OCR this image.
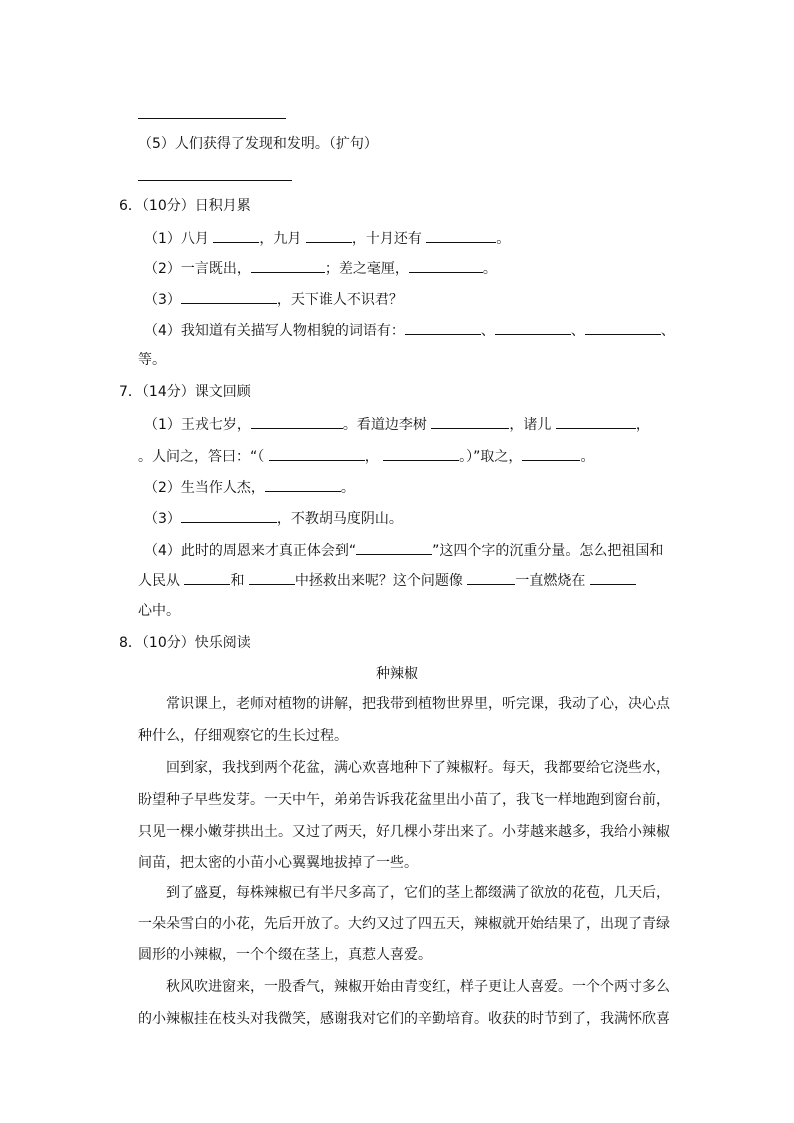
（5）人们获得了发现和发明。（扩句）
6．（10分）日积月累
（1）八月	，九月	，十月还有	。
（2）一言既出，	；差之毫厘，	。
（3）	，天下谁人不识君？
（4）我知道有关描写人物相貌的词语有：	、	、	、
等。
7．（14分）课文回顾
（1）王戎七岁，	。看道边李树	，诸儿	，
。人问之，答曰：“（	，	。）”取之，	。
（2）生当作人杰，	。
（3）	，不教胡马度阴山。
（4）此时的周恩来才真正体会到“	”这四个字的沉重分量。怎么把祖国和
人民从	和	中拯救出来呢？这个问题像	一直燃烧在
心中。
8．（10分）快乐阅读
种辣椒
常识课上，老师对植物的讲解，把我带到植物世界里，听完课，我动了心，决心点
种什么，仔细观察它的生长过程。
回到家，我找到两个花盆，满心欢喜地种下了辣椒籽。每天，我都要给它浇些水，
盼望种子早些发芽。一天中午，弟弟告诉我花盆里出小苗了，我飞一样地跑到窗台前，
只见一棵小嫩芽拱出土。又过了两天，好几棵小芽出来了。小芽越来越多，我给小辣椒
间苗，把太密的小苗小心翼翼地拔掉了一些。
到了盛夏，每株辣椒已有半尺多高了，它们的茎上都缀满了欲放的花苞，几天后，
一朵朵雪白的小花，先后开放了。大约又过了四五天，辣椒就开始结果了，出现了青绿
圆形的小辣椒，一个个缀在茎上，真惹人喜爱。
秋风吹进窗来，一股香气，辣椒开始由青变红，样子更让人喜爱。一个个两寸多么
的小辣椒挂在枝头对我微笑，感谢我对它们的辛勤培育。收获的时节到了，我满怀欣喜
